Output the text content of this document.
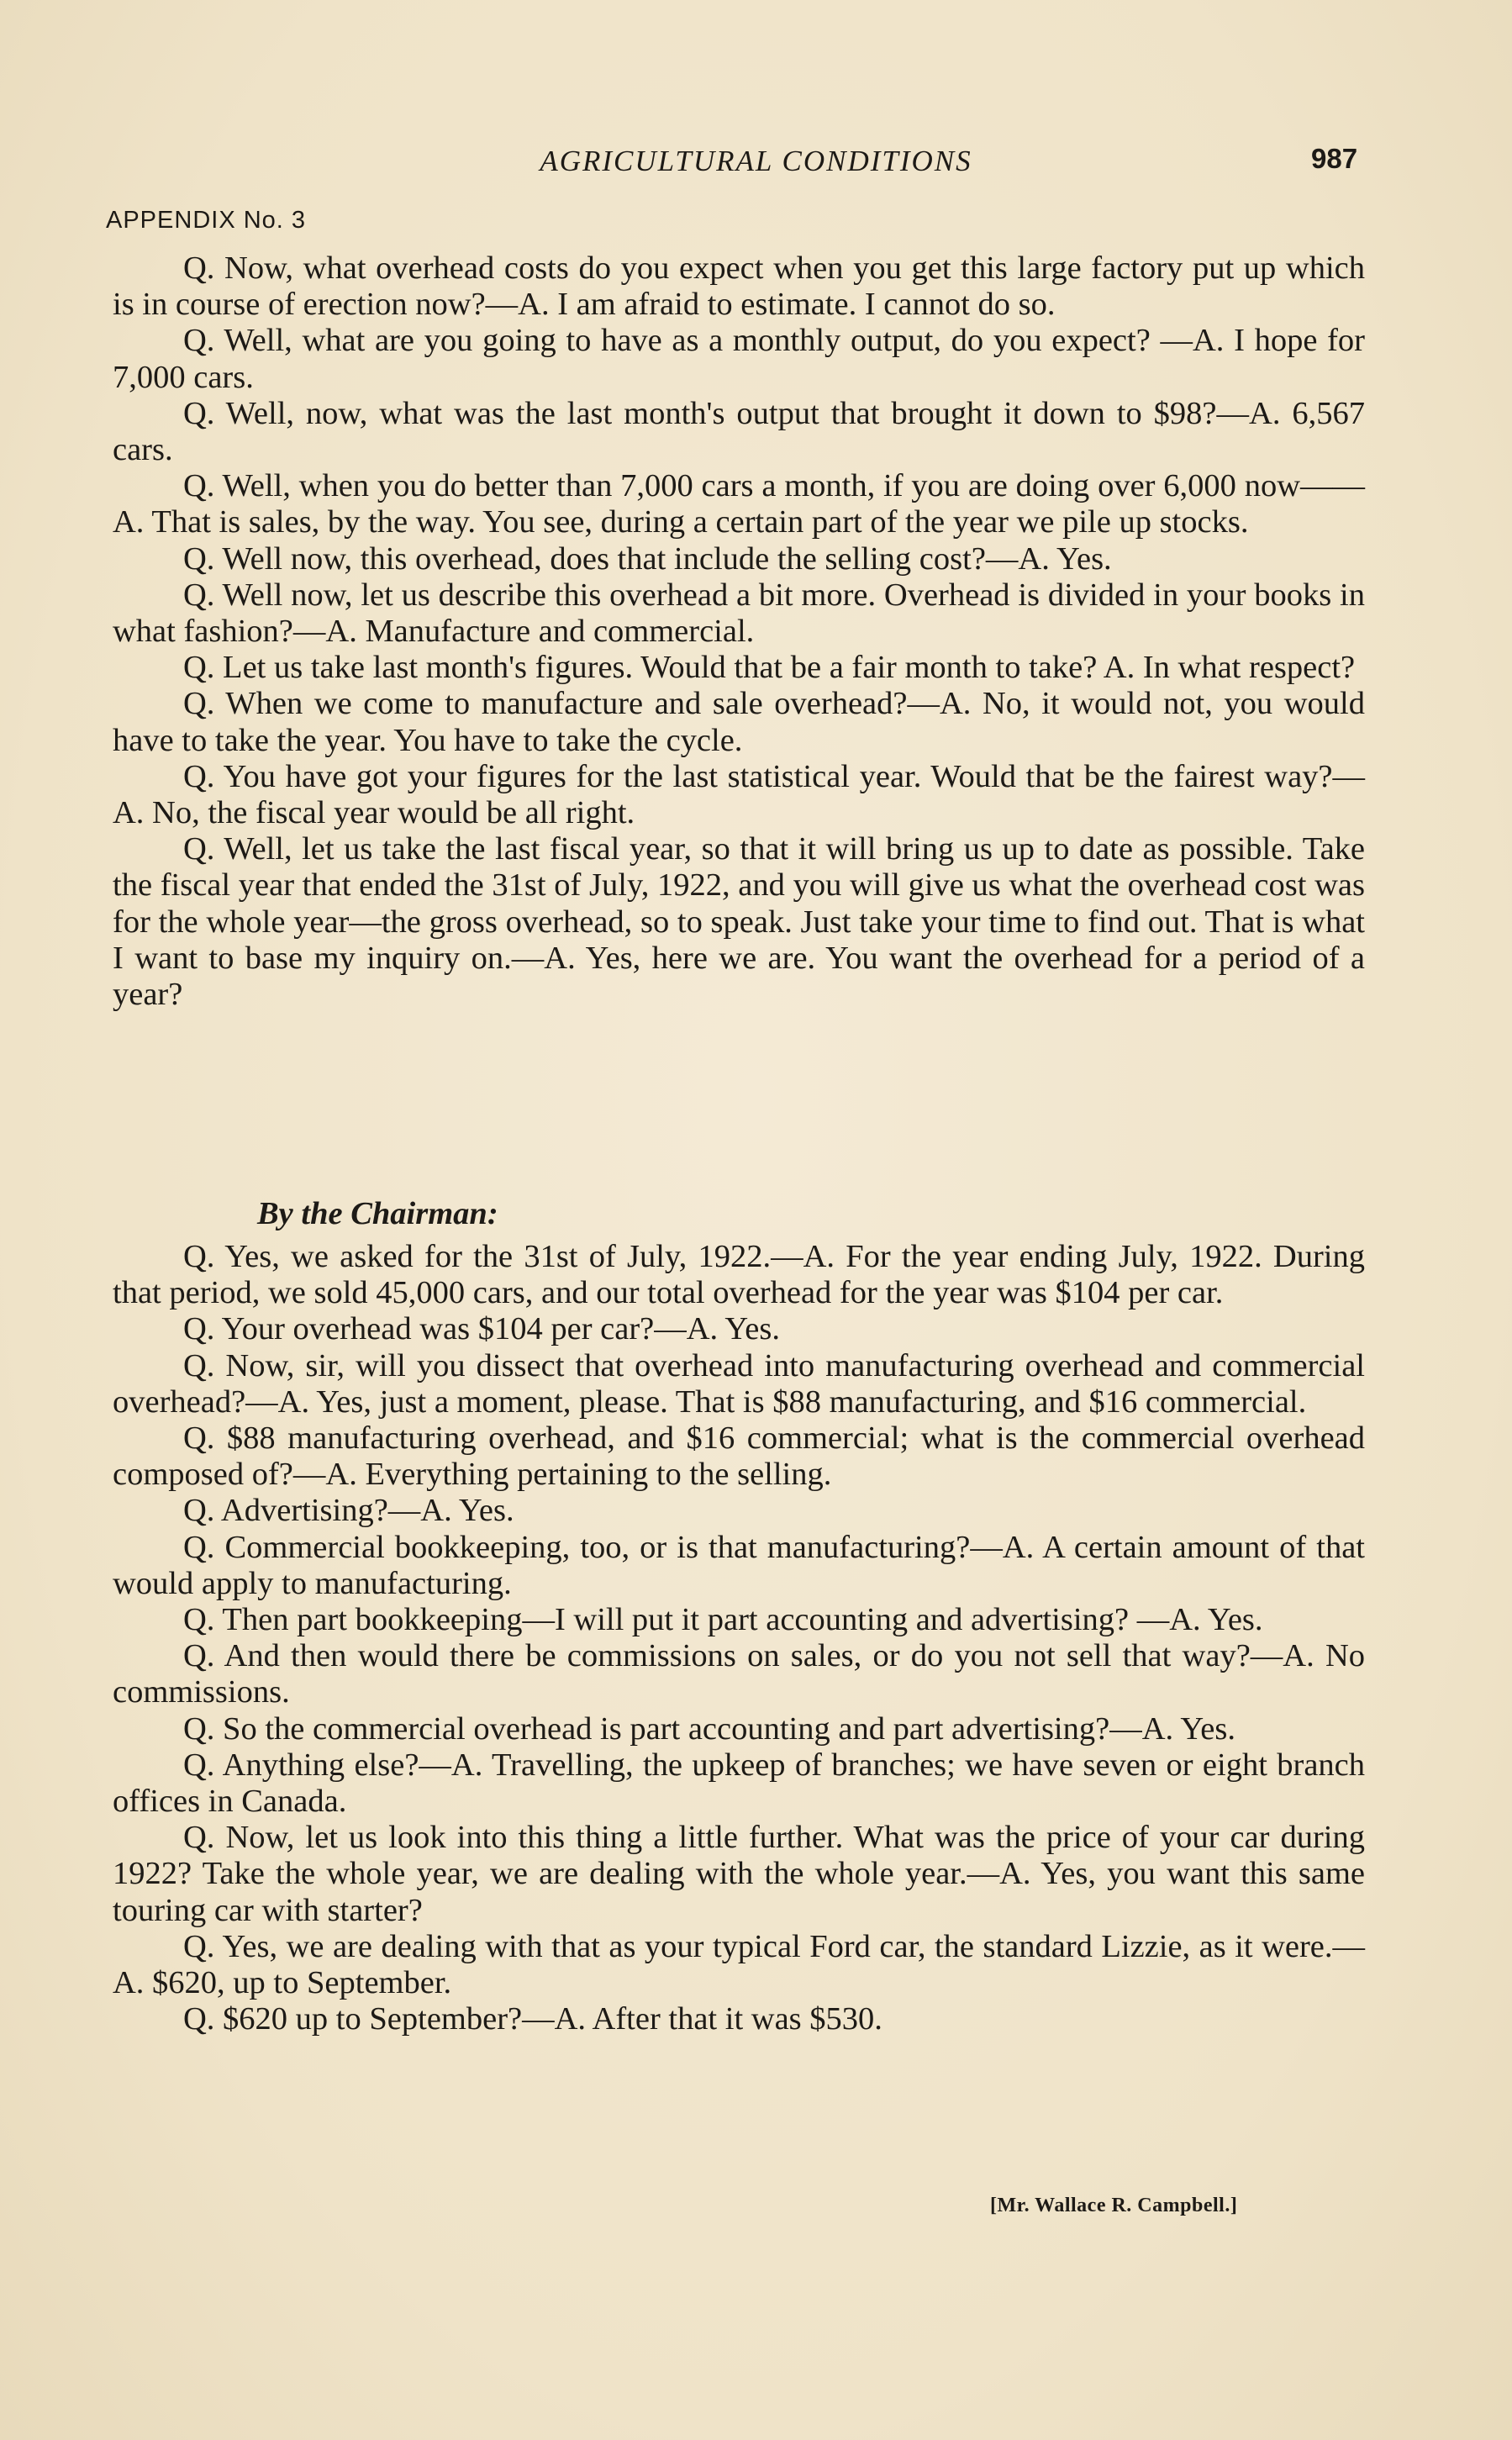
AGRICULTURAL CONDITIONS	987
APPENDIX No. 3

Q. Now, what overhead costs do you expect when you get this large factory put up which is in course of erection now?—A. I am afraid to estimate. I cannot do so.

Q. Well, what are you going to have as a monthly output, do you expect? —A. I hope for 7,000 cars.

Q. Well, now, what was the last month's output that brought it down to $98?—A. 6,567 cars.

Q. Well, when you do better than 7,000 cars a month, if you are doing over 6,000 now——A. That is sales, by the way. You see, during a certain part of the year we pile up stocks.

Q. Well now, this overhead, does that include the selling cost?—A. Yes.

Q. Well now, let us describe this overhead a bit more. Overhead is divided in your books in what fashion?—A. Manufacture and commercial.

Q. Let us take last month's figures. Would that be a fair month to take? A. In what respect?

Q. When we come to manufacture and sale overhead?—A. No, it would not, you would have to take the year. You have to take the cycle.

Q. You have got your figures for the last statistical year. Would that be the fairest way?—A. No, the fiscal year would be all right.

Q. Well, let us take the last fiscal year, so that it will bring us up to date as possible. Take the fiscal year that ended the 31st of July, 1922, and you will give us what the overhead cost was for the whole year—the gross overhead, so to speak. Just take your time to find out. That is what I want to base my inquiry on.—A. Yes, here we are. You want the overhead for a period of a year?

By the Chairman:

Q. Yes, we asked for the 31st of July, 1922.—A. For the year ending July, 1922. During that period, we sold 45,000 cars, and our total overhead for the year was $104 per car.

Q. Your overhead was $104 per car?—A. Yes.

Q. Now, sir, will you dissect that overhead into manufacturing overhead and commercial overhead?—A. Yes, just a moment, please. That is $88 manufacturing, and $16 commercial.

Q. $88 manufacturing overhead, and $16 commercial; what is the commercial overhead composed of?—A. Everything pertaining to the selling.

Q. Advertising?—A. Yes.

Q. Commercial bookkeeping, too, or is that manufacturing?—A. A certain amount of that would apply to manufacturing.

Q. Then part bookkeeping—I will put it part accounting and advertising? —A. Yes.

Q. And then would there be commissions on sales, or do you not sell that way?—A. No commissions.

Q. So the commercial overhead is part accounting and part advertising?—A. Yes.

Q. Anything else?—A. Travelling, the upkeep of branches; we have seven or eight branch offices in Canada.

Q. Now, let us look into this thing a little further. What was the price of your car during 1922? Take the whole year, we are dealing with the whole year.—A. Yes, you want this same touring car with starter?

Q. Yes, we are dealing with that as your typical Ford car, the standard Lizzie, as it were.—A. $620, up to September.

Q. $620 up to September?—A. After that it was $530.

[Mr. Wallace R. Campbell.]
